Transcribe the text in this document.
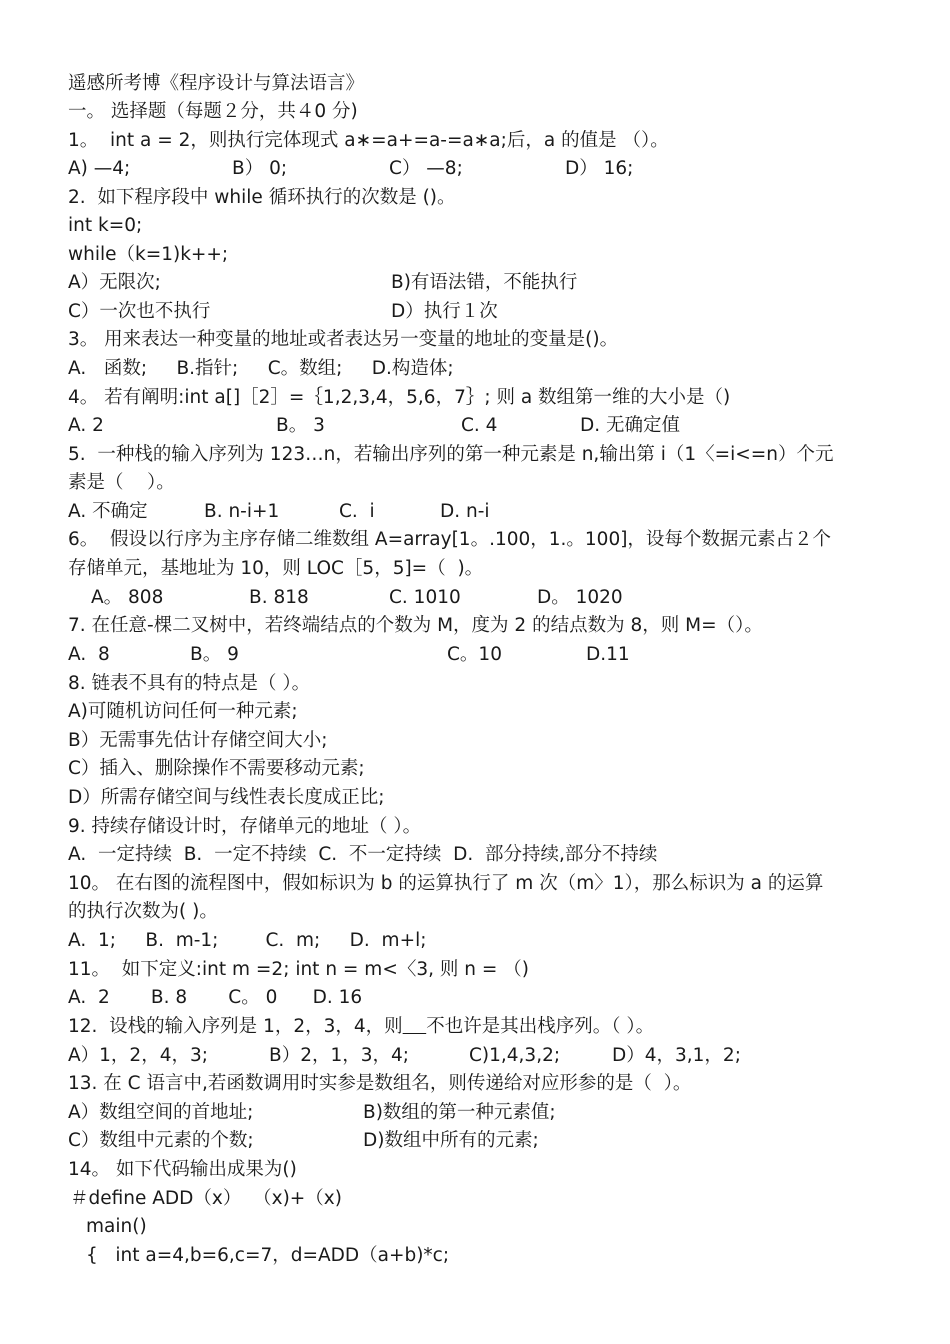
遥感所考博《程序设计与算法语言》
一。 选择题（每题２分，共４0 分)
1。  int a = 2，则执行完体现式 a∗=a+=a-=a∗a;后，a 的值是 （）。
A) —4;	B） 0;	C） —8;	D） 16;
2.  如下程序段中 while 循环执行的次数是 ()。
int k=0;
while（k=1)k++;
A）无限次;	B)有语法错，不能执行
C）一次也不执行	D）执行１次
3。 用来表达一种变量的地址或者表达另一变量的地址的变量是()。
A.   函数;     B.指针;     C。数组;     D.构造体;
4。 若有阐明:int a[]［2］=｛1,2,3,4，5,6，7｝; 则 a 数组第一维的大小是（)
A. 2	B。 3	C. 4	D. 无确定值
5.  一种栈的输入序列为 123…n，若输出序列的第一种元素是 n,输出第 i（1〈=i<=n）个元
素是（    ）。
A. 不确定	B. n-i+1	C.  i	D. n-i
6。  假设以行序为主序存储二维数组 A=array[1。.100，1.。100]，设每个数据元素占２个
存储单元，基地址为 10，则 LOC［5，5]=（  )。
A。 808	B. 818	C. 1010	D。 1020
7. 在任意-棵二叉树中，若终端结点的个数为 M，度为 2 的结点数为 8，则 M=（）。
A.  8	B。 9	C。10	D.11
8. 链表不具有的特点是（ ）。
A)可随机访问任何一种元素;
B）无需事先估计存储空间大小;
C）插入、删除操作不需要移动元素;
D）所需存储空间与线性表长度成正比;
9. 持续存储设计时，存储单元的地址（ ）。
A.  一定持续  B.  一定不持续  C.  不一定持续  D.  部分持续,部分不持续
10。 在右图的流程图中，假如标识为 b 的运算执行了 m 次（m〉1），那么标识为 a 的运算
的执行次数为( )。
A.  1;     B.  m-1;        C.  m;     D.  m+l;
11。  如下定义:int m =2; int n = m<〈3, 则 n = （)
A.  2       B. 8       C。 0      D. 16
12.  设栈的输入序列是 1，2，3，4，则 不也许是其出栈序列。（ ）。
A）1，2，4，3;	B）2，1，3，4;	C)1,4,3,2;	D）4，3,1，2;
13. 在 C 语言中,若函数调用时实参是数组名，则传递给对应形参的是（  ）。
A）数组空间的首地址;	B)数组的第一种元素值;
C）数组中元素的个数;	D)数组中所有的元素;
14。 如下代码输出成果为()
＃define ADD（x）  （x)+（x)
main()
{   int a=4,b=6,c=7，d=ADD（a+b)*c;
